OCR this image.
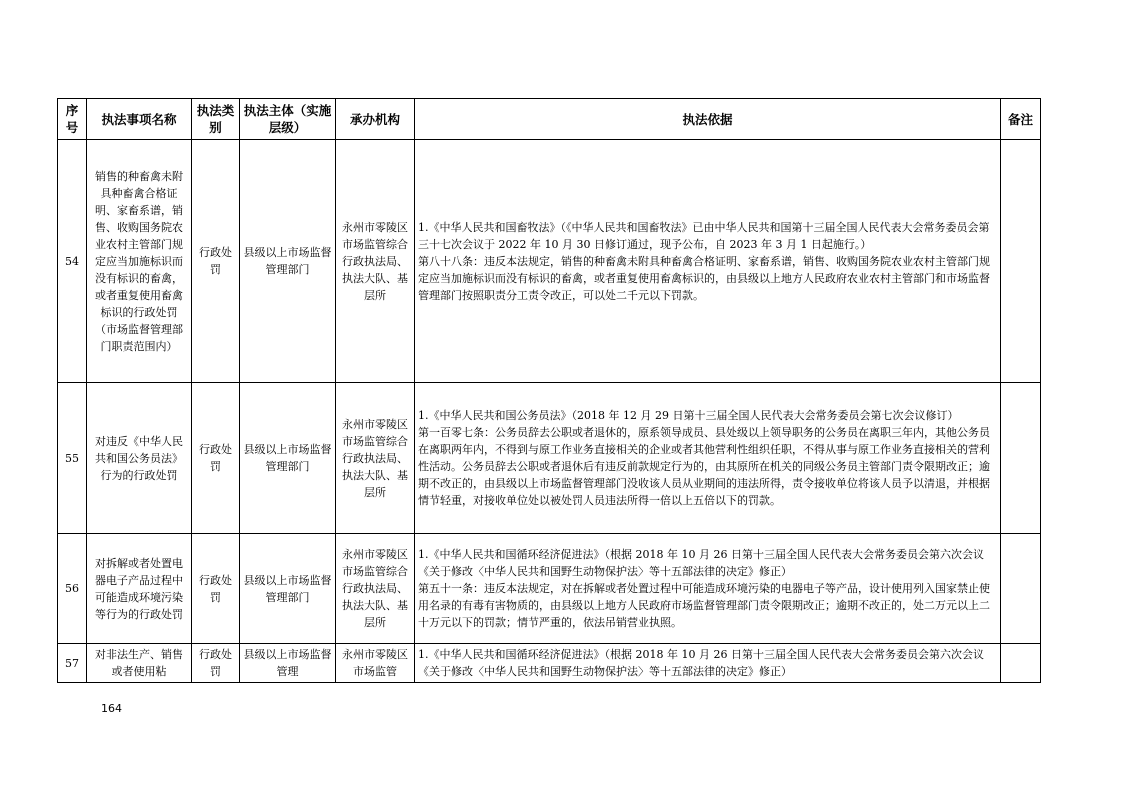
序号	执法事项名称	执法类别	执法主体（实施层级）	承办机构	执法依据	备注
54	销售的种畜禽未附具种畜禽合格证明、家畜系谱，销售、收购国务院农业农村主管部门规定应当加施标识而没有标识的畜禽，或者重复使用畜禽标识的行政处罚（市场监督管理部门职责范围内）	行政处罚	县级以上市场监督管理部门	永州市零陵区市场监管综合行政执法局、执法大队、基层所	1.《中华人民共和国畜牧法》（《中华人民共和国畜牧法》已由中华人民共和国第十三届全国人民代表大会常务委员会第三十七次会议于 2022 年 10 月 30 日修订通过，现予公布，自 2023 年 3 月 1 日起施行。）
第八十八条：违反本法规定，销售的种畜禽未附具种畜禽合格证明、家畜系谱，销售、收购国务院农业农村主管部门规定应当加施标识而没有标识的畜禽，或者重复使用畜禽标识的，由县级以上地方人民政府农业农村主管部门和市场监督管理部门按照职责分工责令改正，可以处二千元以下罚款。	

55	对违反《中华人民共和国公务员法》行为的行政处罚	行政处罚	县级以上市场监督管理部门	永州市零陵区市场监管综合行政执法局、执法大队、基层所	1.《中华人民共和国公务员法》（2018 年 12 月 29 日第十三届全国人民代表大会常务委员会第七次会议修订）
第一百零七条：公务员辞去公职或者退休的，原系领导成员、县处级以上领导职务的公务员在离职三年内，其他公务员在离职两年内，不得到与原工作业务直接相关的企业或者其他营利性组织任职，不得从事与原工作业务直接相关的营利性活动。公务员辞去公职或者退休后有违反前款规定行为的，由其原所在机关的同级公务员主管部门责令限期改正；逾期不改正的，由县级以上市场监督管理部门没收该人员从业期间的违法所得，责令接收单位将该人员予以清退，并根据情节轻重，对接收单位处以被处罚人员违法所得一倍以上五倍以下的罚款。	

56	对拆解或者处置电器电子产品过程中可能造成环境污染等行为的行政处罚	行政处罚	县级以上市场监督管理部门	永州市零陵区市场监管综合行政执法局、执法大队、基层所	1.《中华人民共和国循环经济促进法》（根据 2018 年 10 月 26 日第十三届全国人民代表大会常务委员会第六次会议《关于修改〈中华人民共和国野生动物保护法〉等十五部法律的决定》修正）
第五十一条：违反本法规定，对在拆解或者处置过程中可能造成环境污染的电器电子等产品，设计使用列入国家禁止使用名录的有毒有害物质的，由县级以上地方人民政府市场监督管理部门责令限期改正；逾期不改正的，处二万元以上二十万元以下的罚款；情节严重的，依法吊销营业执照。	

57	对非法生产、销售或者使用粘	行政处罚	县级以上市场监督管理	永州市零陵区市场监管	1.《中华人民共和国循环经济促进法》（根据 2018 年 10 月 26 日第十三届全国人民代表大会常务委员会第六次会议《关于修改〈中华人民共和国野生动物保护法〉等十五部法律的决定》修正）	

164
